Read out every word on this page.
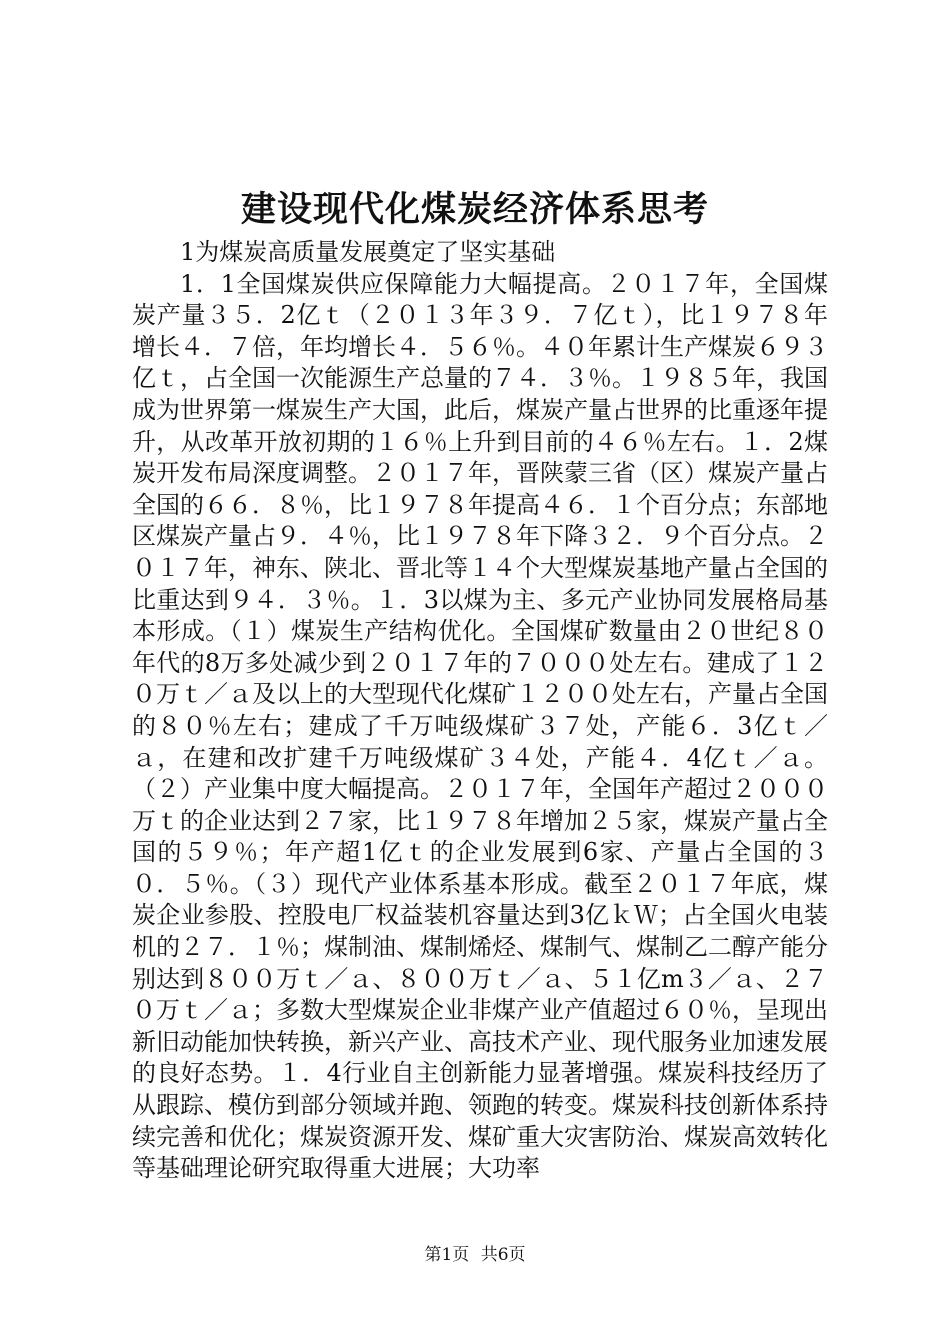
建设现代化煤炭经济体系思考

1为煤炭高质量发展奠定了坚实基础

1．1全国煤炭供应保障能力大幅提高。２０１７年，全国煤炭产量３５．2亿ｔ（２０１３年３９．７亿ｔ），比１９７８年增长４．７倍，年均增长４．５６％。４０年累计生产煤炭６９３亿ｔ，占全国一次能源生产总量的７４．３％。１９８５年，我国成为世界第一煤炭生产大国，此后，煤炭产量占世界的比重逐年提升，从改革开放初期的１６％上升到目前的４６％左右。１．2煤炭开发布局深度调整。２０１７年，晋陕蒙三省（区）煤炭产量占全国的６６．８％，比１９７８年提高４６．１个百分点；东部地区煤炭产量占９．４％，比１９７８年下降３２．９个百分点。２０１７年，神东、陕北、晋北等１４个大型煤炭基地产量占全国的比重达到９４．３％。１．3以煤为主、多元产业协同发展格局基本形成。（１）煤炭生产结构优化。全国煤矿数量由２０世纪８０年代的8万多处减少到２０１７年的７０００处左右。建成了１２０万ｔ／ａ及以上的大型现代化煤矿１２００处左右，产量占全国的８０％左右；建成了千万吨级煤矿３７处，产能６．3亿ｔ／ａ，在建和改扩建千万吨级煤矿３４处，产能４．4亿ｔ／ａ。（２）产业集中度大幅提高。２０１７年，全国年产超过２０００万ｔ的企业达到２７家，比１９７８年增加２５家，煤炭产量占全国的５９％；年产超1亿ｔ的企业发展到6家、产量占全国的３０．５％。（３）现代产业体系基本形成。截至２０１７年底，煤炭企业参股、控股电厂权益装机容量达到3亿ｋＷ；占全国火电装机的２７．１％；煤制油、煤制烯烃、煤制气、煤制乙二醇产能分别达到８００万ｔ／ａ、８００万ｔ／ａ、５１亿m３／ａ、２７０万ｔ／ａ；多数大型煤炭企业非煤产业产值超过６０％，呈现出新旧动能加快转换，新兴产业、高技术产业、现代服务业加速发展的良好态势。１．4行业自主创新能力显著增强。煤炭科技经历了从跟踪、模仿到部分领域并跑、领跑的转变。煤炭科技创新体系持续完善和优化；煤炭资源开发、煤矿重大灾害防治、煤炭高效转化等基础理论研究取得重大进展；大功率

第1页 共6页
